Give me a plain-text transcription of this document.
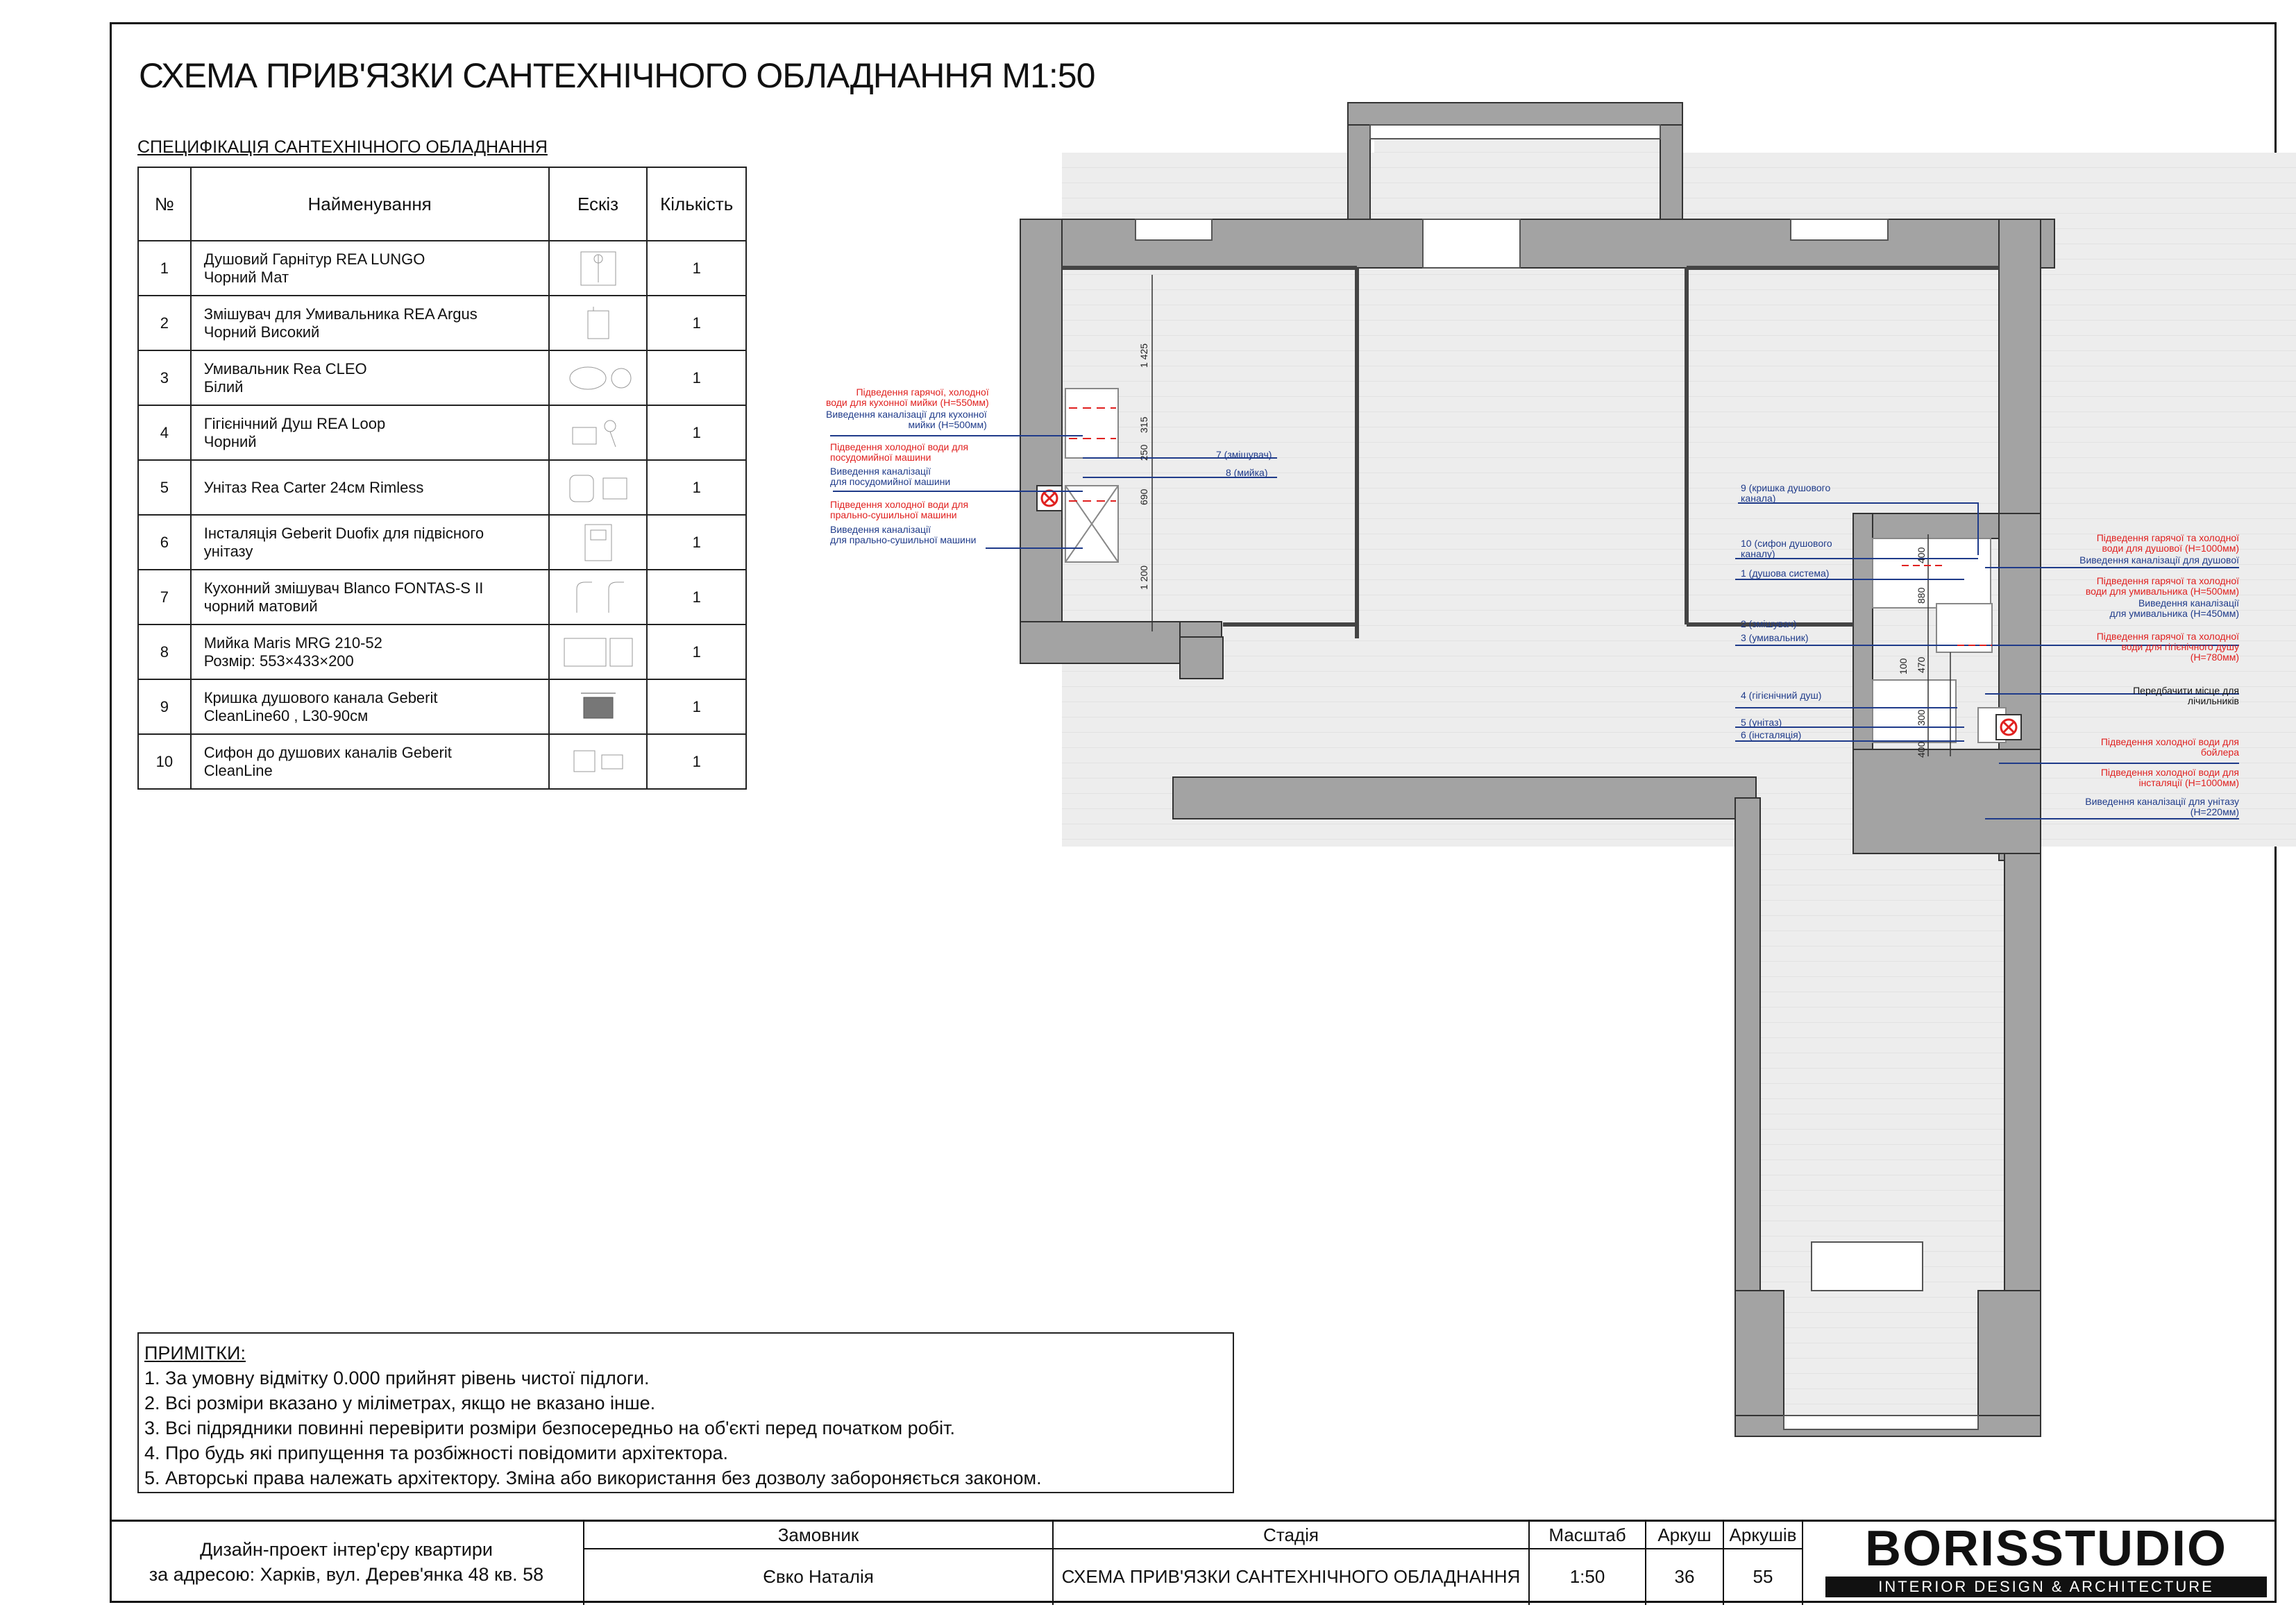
СХЕМА ПРИВ'ЯЗКИ САНТЕХНІЧНОГО ОБЛАДНАННЯ М1:50
СПЕЦИФІКАЦІЯ САНТЕХНІЧНОГО ОБЛАДНАННЯ
№	Найменування	Ескіз	Кількість
1	Душовий Гарнітур REA LUNGO
Чорний Мат		1
2	Змішувач для Умивальника REA Argus
Чорний Високий		1
3	Умивальник Rea CLEO
Білий		1
4	Гігієнічний Душ REA Loop
Чорний		1
5	Унітаз Rea Carter 24см Rimless		1
6	Інсталяція Geberit Duofix для підвісного
унітазу		1
7	Кухонний змішувач Blanco FONTAS-S II
чорний матовий		1
8	Мийка Maris MRG 210-52
Розмір: 553×433×200		1
9	Кришка душового канала Geberit
CleanLine60 , L30-90см		1
10	Сифон до душових каналів Geberit
CleanLine		1
Підведення гарячої, холодної
води для кухонної мийки (Н=550мм)
Виведення каналізації для кухонної
мийки (Н=500мм)
Підведення холодної води для
посудомийної машини
Виведення каналізації
для посудомийної машини
Підведення холодної води для
прально-сушильної машини
Виведення каналізації
для прально-сушильної машини
7 (змішувач)
8 (мийка)
1 425
250
315
690
1 200
9 (кришка душового
канала)
10 (сифон душового
каналу)
1 (душова система)
2 (змішувач)
3 (умивальник)
4 (гігієнічний душ)
5 (унітаз)
6 (інсталяція)
400
880
470
100
300
400
Підведення гарячої та холодної
води для душової (Н=1000мм)
Виведення каналізації для душової
Підведення гарячої та холодної
води для умивальника (Н=500мм)
Виведення каналізації
для умивальника (Н=450мм)
Підведення гарячої та холодної
води для гігієнічного душу
(Н=780мм)
Передбачити місце для
лічильників
Підведення холодної води для
бойлера
Підведення холодної води для
інсталяції (Н=1000мм)
Виведення каналізації для унітазу
(Н=220мм)
ПРИМІТКИ:
1. За умовну відмітку 0.000 прийнят рівень чистої підлоги.
2. Всі розміри вказано у міліметрах, якщо не вказано інше.
3. Всі підрядники повинні перевірити розміри безпосередньо на об'єкті перед початком робіт.
4. Про будь які припущення та розбіжності повідомити архітектора.
5. Авторські права належать архітектору. Зміна або використання без дозволу забороняється законом.
Дизайн-проект інтер'єру квартири
за адресою: Харків, вул. Дерев'янка 48 кв. 58
Замовник
Євко Наталія
Стадія
СХЕМА ПРИВ'ЯЗКИ САНТЕХНІЧНОГО ОБЛАДНАННЯ
Масштаб
1:50
Аркуш
36
Аркушів
55	BORISSTUDIO
INTERIOR DESIGN & ARCHITECTURE
